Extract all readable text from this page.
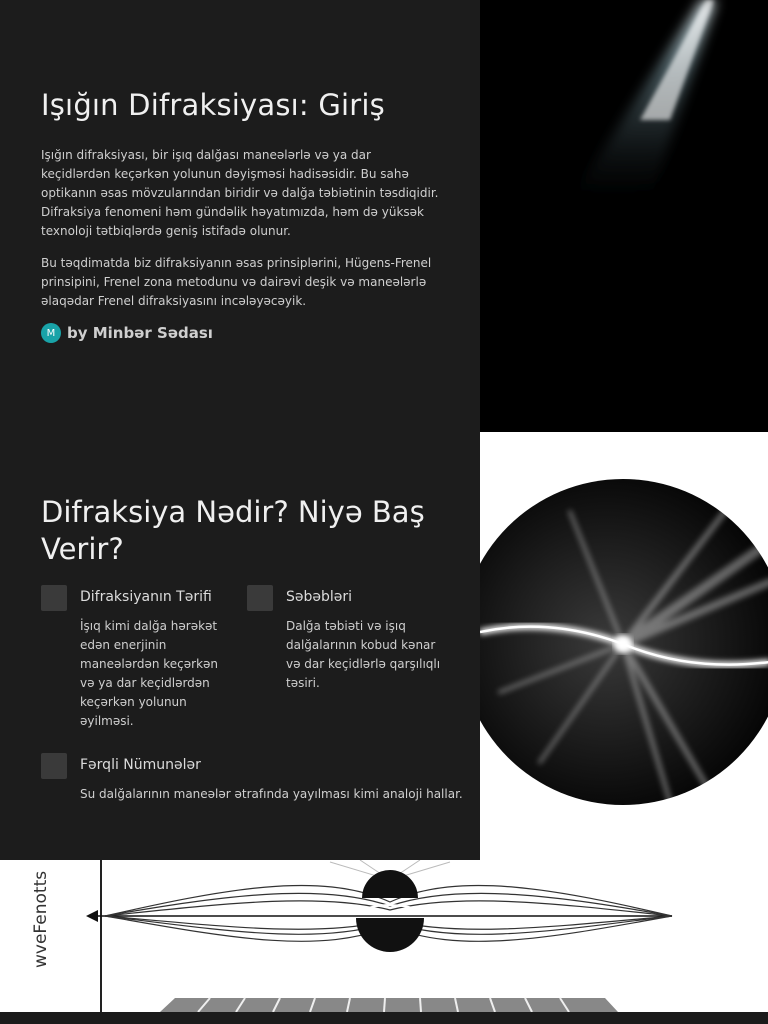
Işığın Difraksiyası: Giriş

Işığın difraksiyası, bir işıq dalğası maneələrlə və ya dar keçidlərdən keçərkən yolunun dəyişməsi hadisəsidir. Bu sahə optikanın əsas mövzularından biridir və dalğa təbiətinin təsdiqidir. Difraksiya fenomeni həm gündəlik həyatımızda, həm də yüksək texnoloji tətbiqlərdə geniş istifadə olunur.

Bu təqdimatda biz difraksiyanın əsas prinsiplərini, Hügens-Frenel prinsipini, Frenel zona metodunu və dairəvi deşik və maneələrlə əlaqədar Frenel difraksiyasını incələyəcəyik.

M by Minbər Sədası
Difraksiya Nədir? Niyə Baş Verir?
Difraksiyanın Tərifi

İşıq kimi dalğa hərəkət edən enerjinin maneələrdən keçərkən və ya dar keçidlərdən keçərkən yolunun əyilməsi.

Səbəbləri

Dalğa təbiəti və işıq dalğalarının kobud kənar və dar keçidlərlə qarşılıqlı təsiri.

Fərqli Nümunələr

Su dalğalarının maneələr ətrafında yayılması kimi analoji hallar.

wveFenotts
